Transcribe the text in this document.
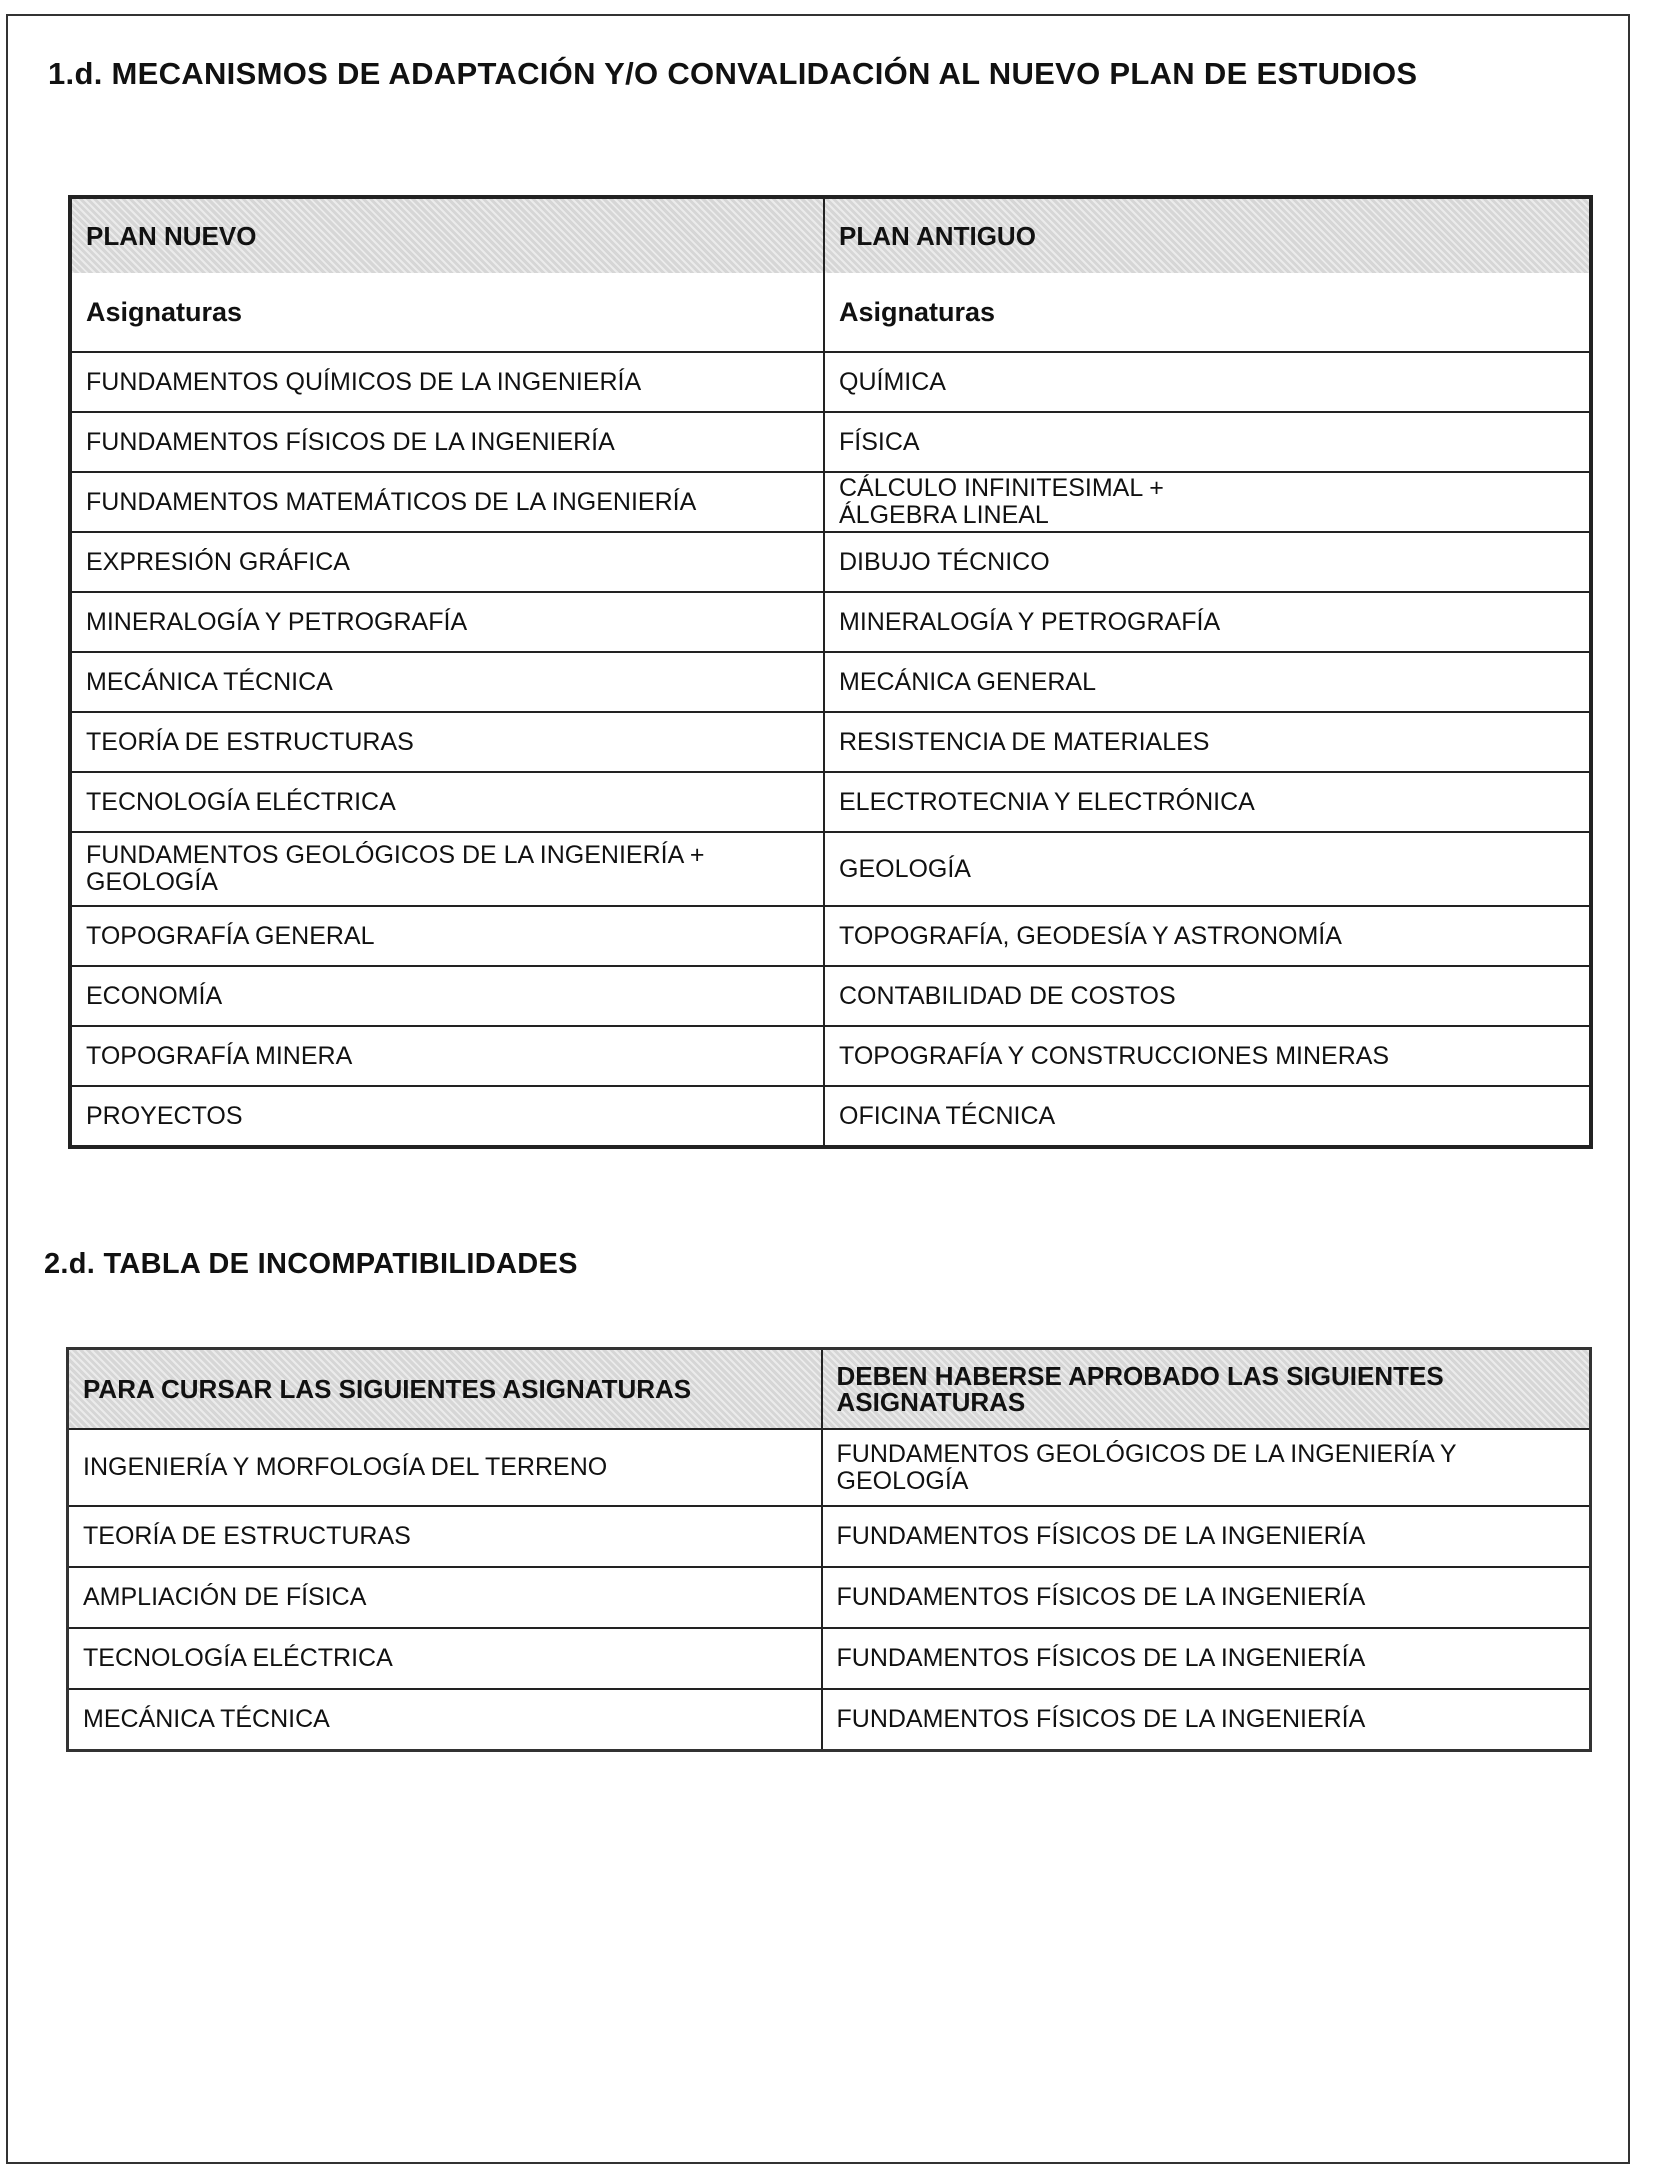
1.d. MECANISMOS DE ADAPTACIÓN Y/O CONVALIDACIÓN AL NUEVO PLAN DE ESTUDIOS
PLAN NUEVO	PLAN ANTIGUO
Asignaturas	Asignaturas
FUNDAMENTOS QUÍMICOS DE LA INGENIERÍA	QUÍMICA
FUNDAMENTOS FÍSICOS DE LA INGENIERÍA	FÍSICA
FUNDAMENTOS MATEMÁTICOS DE LA INGENIERÍA	CÁLCULO INFINITESIMAL +
ÁLGEBRA LINEAL

EXPRESIÓN GRÁFICA	DIBUJO TÉCNICO
MINERALOGÍA Y PETROGRAFÍA	MINERALOGÍA Y PETROGRAFÍA
MECÁNICA TÉCNICA	MECÁNICA GENERAL
TEORÍA DE ESTRUCTURAS	RESISTENCIA DE MATERIALES
TECNOLOGÍA ELÉCTRICA	ELECTROTECNIA Y ELECTRÓNICA

FUNDAMENTOS GEOLÓGICOS DE LA INGENIERÍA +
GEOLOGÍA	GEOLOGÍA
TOPOGRAFÍA GENERAL	TOPOGRAFÍA, GEODESÍA Y ASTRONOMÍA
ECONOMÍA	CONTABILIDAD DE COSTOS
TOPOGRAFÍA MINERA	TOPOGRAFÍA Y CONSTRUCCIONES MINERAS
PROYECTOS	OFICINA TÉCNICA
2.d. TABLA DE INCOMPATIBILIDADES
PARA CURSAR LAS SIGUIENTES ASIGNATURAS	DEBEN HABERSE APROBADO LAS SIGUIENTES
ASIGNATURAS

INGENIERÍA Y MORFOLOGÍA DEL TERRENO	FUNDAMENTOS GEOLÓGICOS DE LA INGENIERÍA Y
GEOLOGÍA

TEORÍA DE ESTRUCTURAS	FUNDAMENTOS FÍSICOS DE LA INGENIERÍA
AMPLIACIÓN DE FÍSICA	FUNDAMENTOS FÍSICOS DE LA INGENIERÍA
TECNOLOGÍA ELÉCTRICA	FUNDAMENTOS FÍSICOS DE LA INGENIERÍA
MECÁNICA TÉCNICA	FUNDAMENTOS FÍSICOS DE LA INGENIERÍA
